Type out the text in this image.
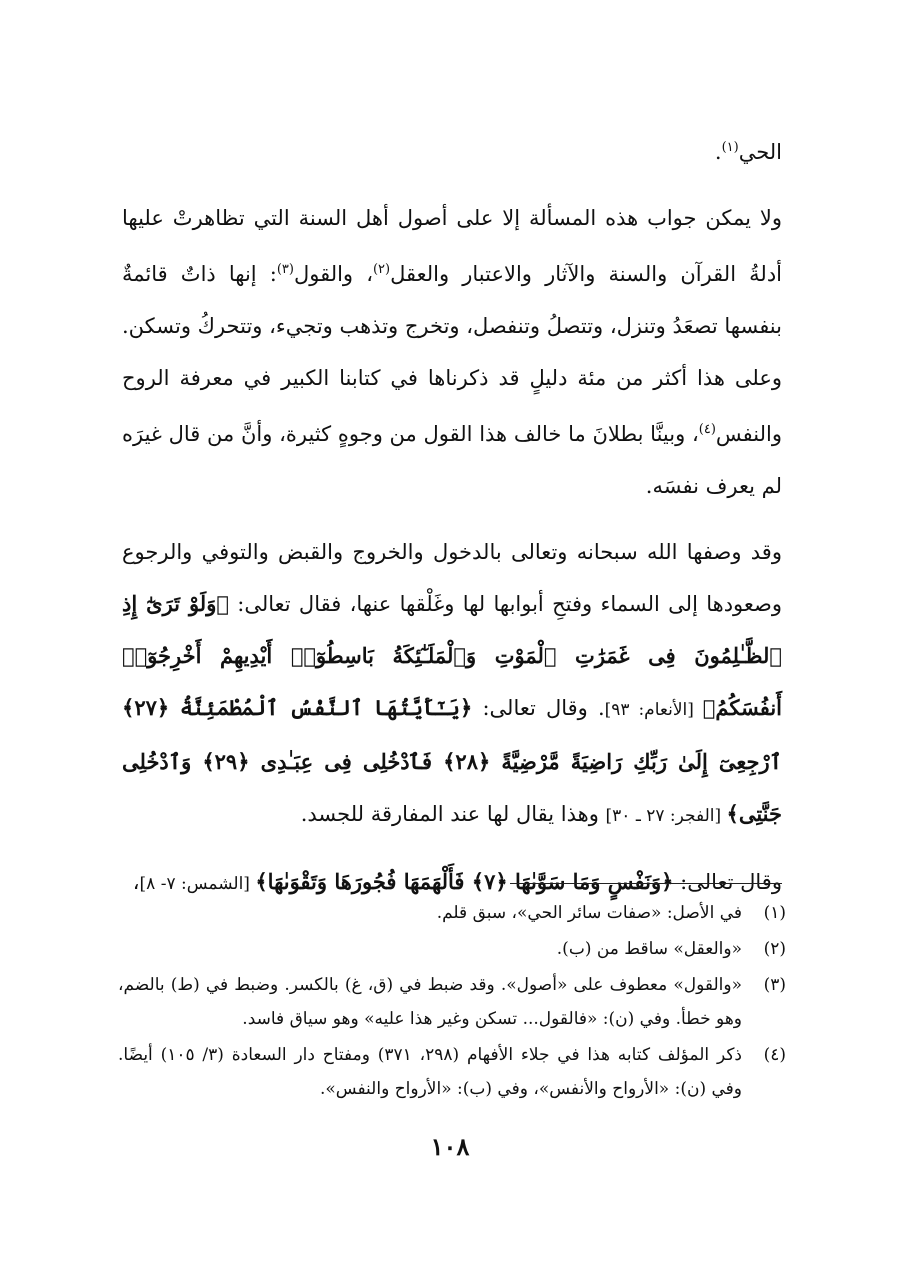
الحي$^{(١)}$.

ولا يمكن جواب هذه المسألة إلا على أصول أهل السنة التي تظاهرتْ عليها أدلةُ القرآن والسنة والآثار والاعتبار والعقل$^{(٢)}$، والقول$^{(٣)}$: إنها ذاتٌ قائمةٌ بنفسها تصعَدُ وتنزل، وتتصلُ وتنفصل، وتخرج وتذهب وتجيء، وتتحركُ وتسكن. وعلى هذا أكثر من مئة دليلٍ قد ذكرناها في كتابنا الكبير في معرفة الروح والنفس$^{(٤)}$، وبينَّا بطلانَ ما خالف هذا القول من وجوهٍ كثيرة، وأنَّ من قال غيرَه لم يعرف نفسَه.

وقد وصفها الله سبحانه وتعالى بالدخول والخروج والقبض والتوفي والرجوع وصعودها إلى السماء وفتحِ أبوابها لها وغَلْقها عنها، فقال تعالى: ﴿وَلَوْ تَرَىٰٓ إِذِ ٱلظَّـٰلِمُونَ فِى غَمَرَٰتِ ٱلْمَوْتِ وَٱلْمَلَـٰٓئِكَةُ بَاسِطُوٓا۟ أَيْدِيهِمْ أَخْرِجُوٓا۟ أَنفُسَكُمُ﴾ [الأنعام: ٩٣]. وقال تعالى: ﴿يَـٰٓأَيَّتُهَا ٱلنَّفْسُ ٱلْمُطْمَئِنَّةُ ﴿٢٧﴾ ٱرْجِعِىٓ إِلَىٰ رَبِّكِ رَاضِيَةً مَّرْضِيَّةً ﴿٢٨﴾ فَٱدْخُلِى فِى عِبَـٰدِى ﴿٢٩﴾ وَٱدْخُلِى جَنَّتِى﴾ [الفجر: ٢٧ ـ ٣٠] وهذا يقال لها عند المفارقة للجسد.

وقال تعالى: ﴿وَنَفْسٍ وَمَا سَوَّىٰهَا ﴿٧﴾ فَأَلْهَمَهَا فُجُورَهَا وَتَقْوَىٰهَا﴾ [الشمس: ٧- ٨]،

(١)
في الأصل: «صفات سائر الحي»، سبق قلم.
(٢)
«والعقل» ساقط من (ب).
(٣)
«والقول» معطوف على «أصول». وقد ضبط في (ق، غ) بالكسر. وضبط في (ط) بالضم، وهو خطأ. وفي (ن): «فالقول... تسكن وغير هذا عليه» وهو سياق فاسد.
(٤)
ذكر المؤلف كتابه هذا في جلاء الأفهام (٢٩٨، ٣٧١) ومفتاح دار السعادة (٣/ ١٠٥) أيضًا. وفي (ن): «الأرواح والأنفس»، وفي (ب): «الأرواح والنفس».
١٠٨
